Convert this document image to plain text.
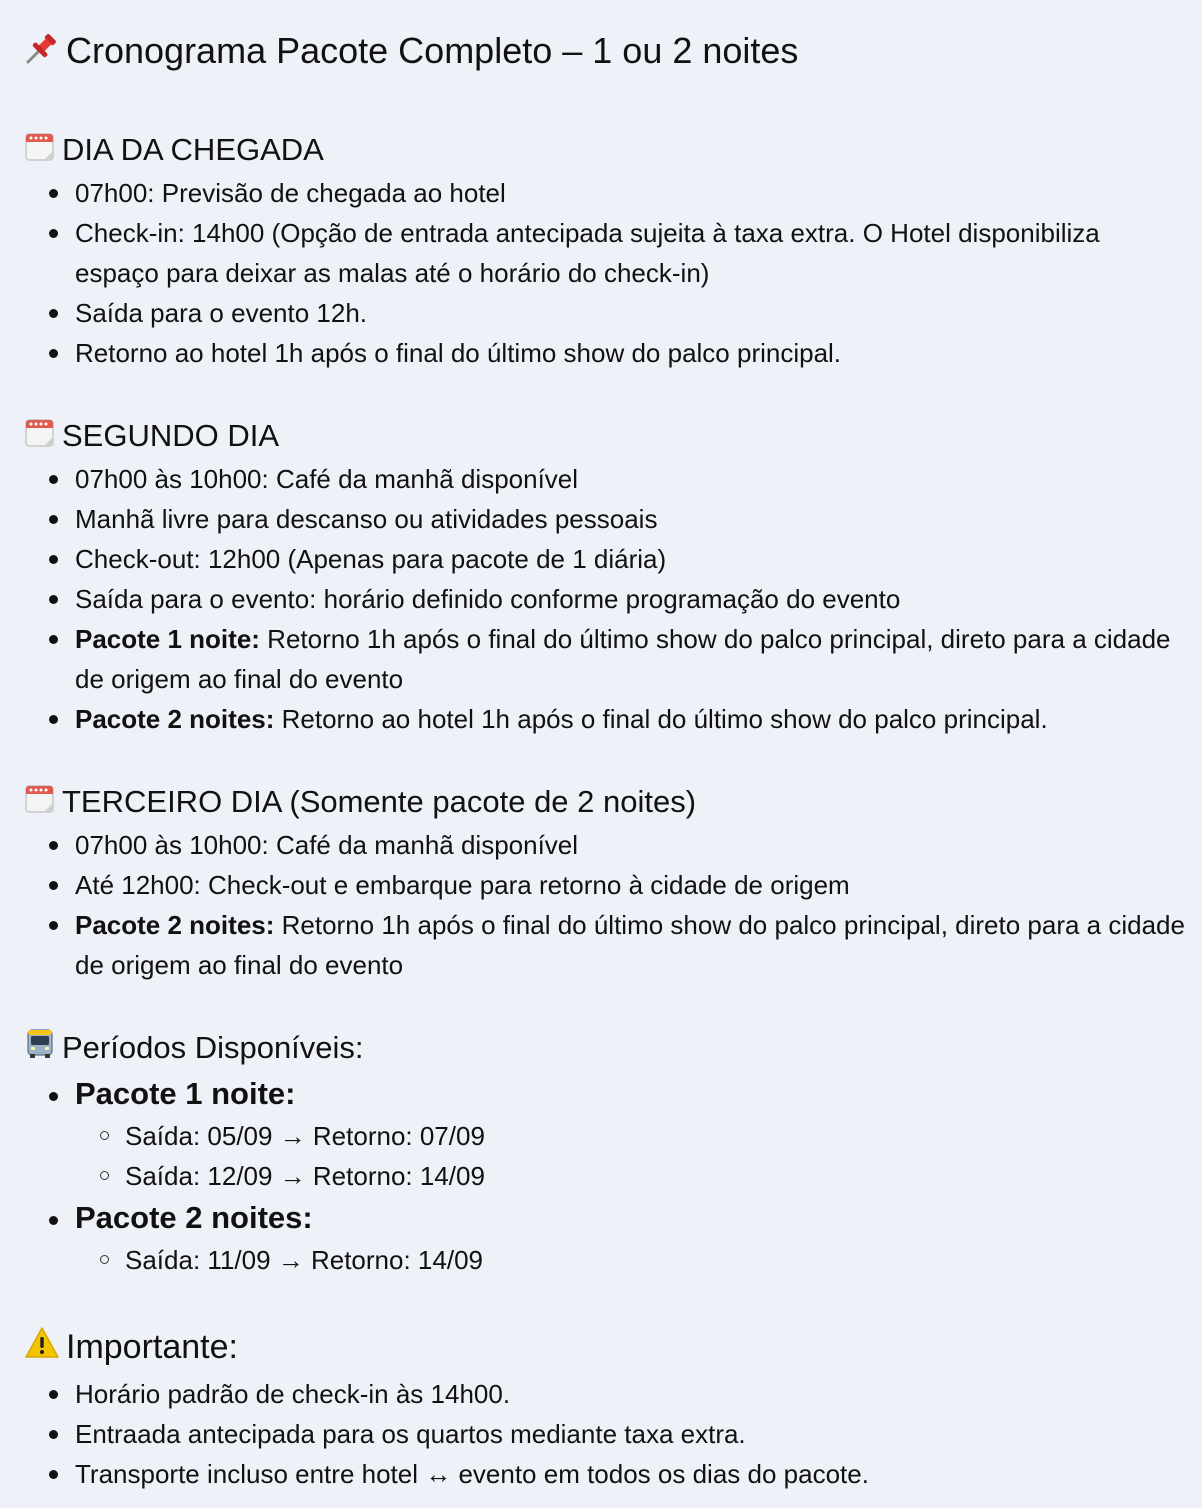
Cronograma Pacote Completo – 1 ou 2 noites
DIA DA CHEGADA
07h00: Previsão de chegada ao hotel
Check-in: 14h00 (Opção de entrada antecipada sujeita à taxa extra. O Hotel disponibiliza espaço para deixar as malas até o horário do check-in)
Saída para o evento 12h.
Retorno ao hotel 1h após o final do último show do palco principal.
SEGUNDO DIA
07h00 às 10h00: Café da manhã disponível
Manhã livre para descanso ou atividades pessoais
Check-out: 12h00 (Apenas para pacote de 1 diária)
Saída para o evento: horário definido conforme programação do evento
Pacote 1 noite: Retorno 1h após o final do último show do palco principal, direto para a cidade de origem ao final do evento
Pacote 2 noites: Retorno ao hotel 1h após o final do último show do palco principal.
TERCEIRO DIA (Somente pacote de 2 noites)
07h00 às 10h00: Café da manhã disponível
Até 12h00: Check-out e embarque para retorno à cidade de origem
Pacote 2 noites: Retorno 1h após o final do último show do palco principal, direto para a cidade de origem ao final do evento
Períodos Disponíveis:
Pacote 1 noite:
Saída: 05/09 → Retorno: 07/09
Saída: 12/09 → Retorno: 14/09
Pacote 2 noites:
Saída: 11/09 → Retorno: 14/09
Importante:
Horário padrão de check-in às 14h00.
Entraada antecipada para os quartos mediante taxa extra.
Transporte incluso entre hotel ↔ evento em todos os dias do pacote.
